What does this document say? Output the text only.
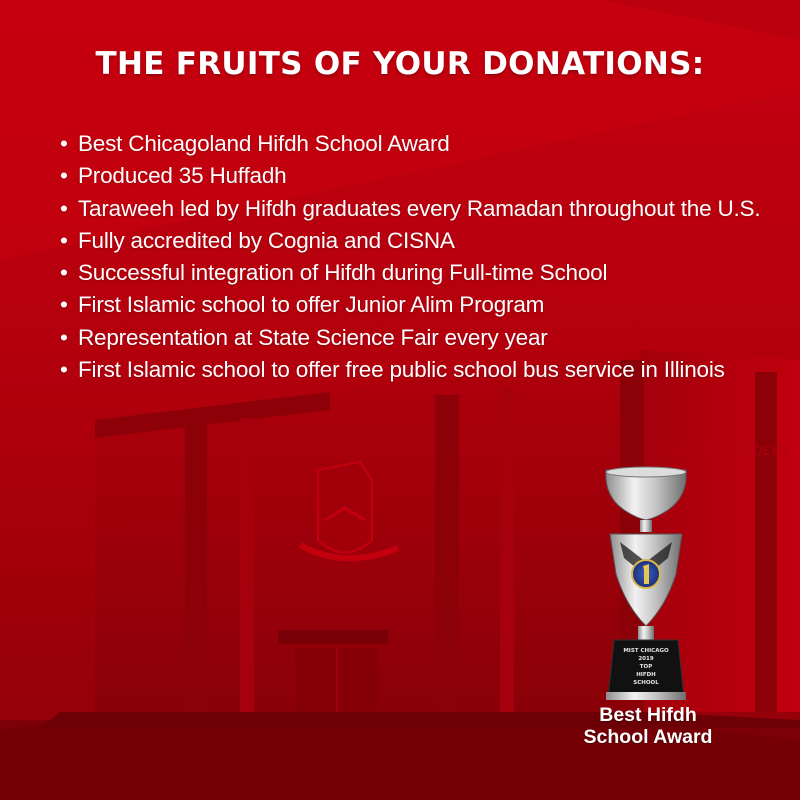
FURQAAN ACADEMY
THE FRUITS OF YOUR DONATIONS:
• Best Chicagoland Hifdh School Award
• Produced 35 Huffadh
• Taraweeh led by Hifdh graduates every Ramadan throughout the U.S.
• Fully accredited by Cognia and CISNA
• Successful integration of Hifdh during Full-time School
• First Islamic school to offer Junior Alim Program
• Representation at State Science Fair every year
• First Islamic school to offer free public school bus service in Illinois
MIST CHICAGO
2019
TOP
HIFDH
SCHOOL
Best Hifdh
School Award
